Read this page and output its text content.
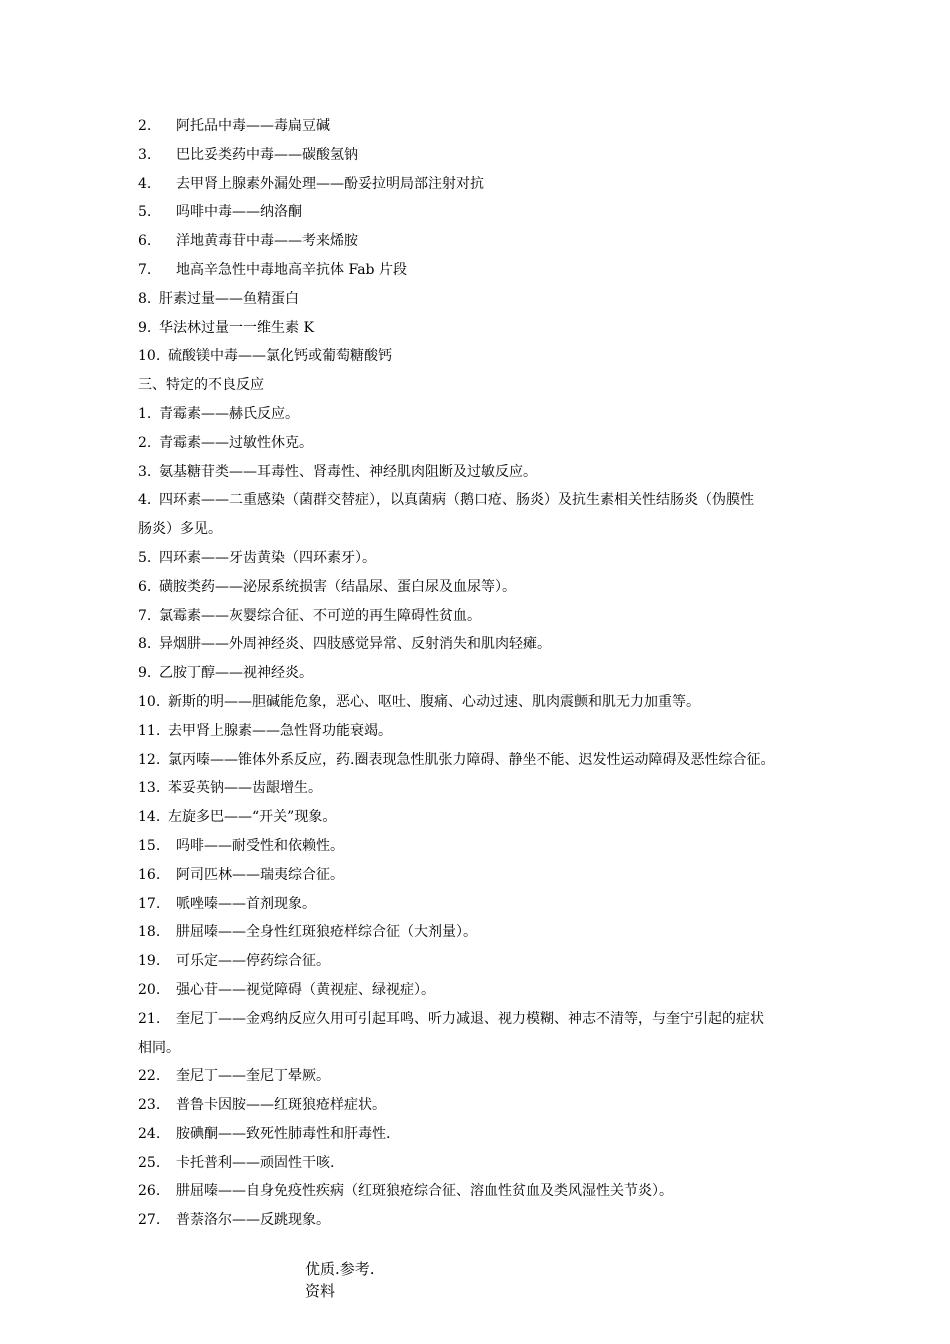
2. 阿托品中毒——毒扁豆碱
3. 巴比妥类药中毒——碳酸氢钠
4. 去甲肾上腺素外漏处理——酚妥拉明局部注射对抗
5. 吗啡中毒——纳洛酮
6. 洋地黄毒苷中毒——考来烯胺
7. 地高辛急性中毒地高辛抗体 Fab 片段
8. 肝素过量——鱼精蛋白
9. 华法林过量一一维生素 K
10. 硫酸镁中毒——氯化钙或葡萄糖酸钙
三、特定的不良反应
1. 青霉素——赫氏反应。
2. 青霉素——过敏性休克。
3. 氨基糖苷类——耳毒性、肾毒性、神经肌肉阻断及过敏反应。
4. 四环素——二重感染（菌群交替症），以真菌病（鹅口疮、肠炎）及抗生素相关性结肠炎（伪膜性
肠炎）多见。
5. 四环素——牙齿黄染（四环素牙）。
6. 磺胺类药——泌尿系统损害（结晶尿、蛋白尿及血尿等）。
7. 氯霉素——灰婴综合征、不可逆的再生障碍性贫血。
8. 异烟肼——外周神经炎、四肢感觉异常、反射消失和肌肉轻瘫。
9. 乙胺丁醇——视神经炎。
10. 新斯的明——胆碱能危象，恶心、呕吐、腹痛、心动过速、肌肉震颤和肌无力加重等。
11. 去甲肾上腺素——急性肾功能衰竭。
12. 氯丙嗪——锥体外系反应，药.圈表现急性肌张力障碍、静坐不能、迟发性运动障碍及恶性综合征。
13. 苯妥英钠——齿龈增生。
14. 左旋多巴——“开关”现象。
15. 吗啡——耐受性和依赖性。
16. 阿司匹林——瑞夷综合征。
17. 哌唑嗪——首剂现象。
18. 肼屈嗪——全身性红斑狼疮样综合征（大剂量）。
19. 可乐定——停药综合征。
20. 强心苷——视觉障碍（黄视症、绿视症）。
21. 奎尼丁——金鸡纳反应久用可引起耳鸣、听力减退、视力模糊、神志不清等，与奎宁引起的症状
相同。
22. 奎尼丁——奎尼丁晕厥。
23. 普鲁卡因胺——红斑狼疮样症状。
24. 胺碘酮——致死性肺毒性和肝毒性.
25. 卡托普利——顽固性干咳.
26. 肼屈嗪——自身免疫性疾病（红斑狼疮综合征、溶血性贫血及类风湿性关节炎）。
27. 普萘洛尔——反跳现象。
优质.参考.
资料
